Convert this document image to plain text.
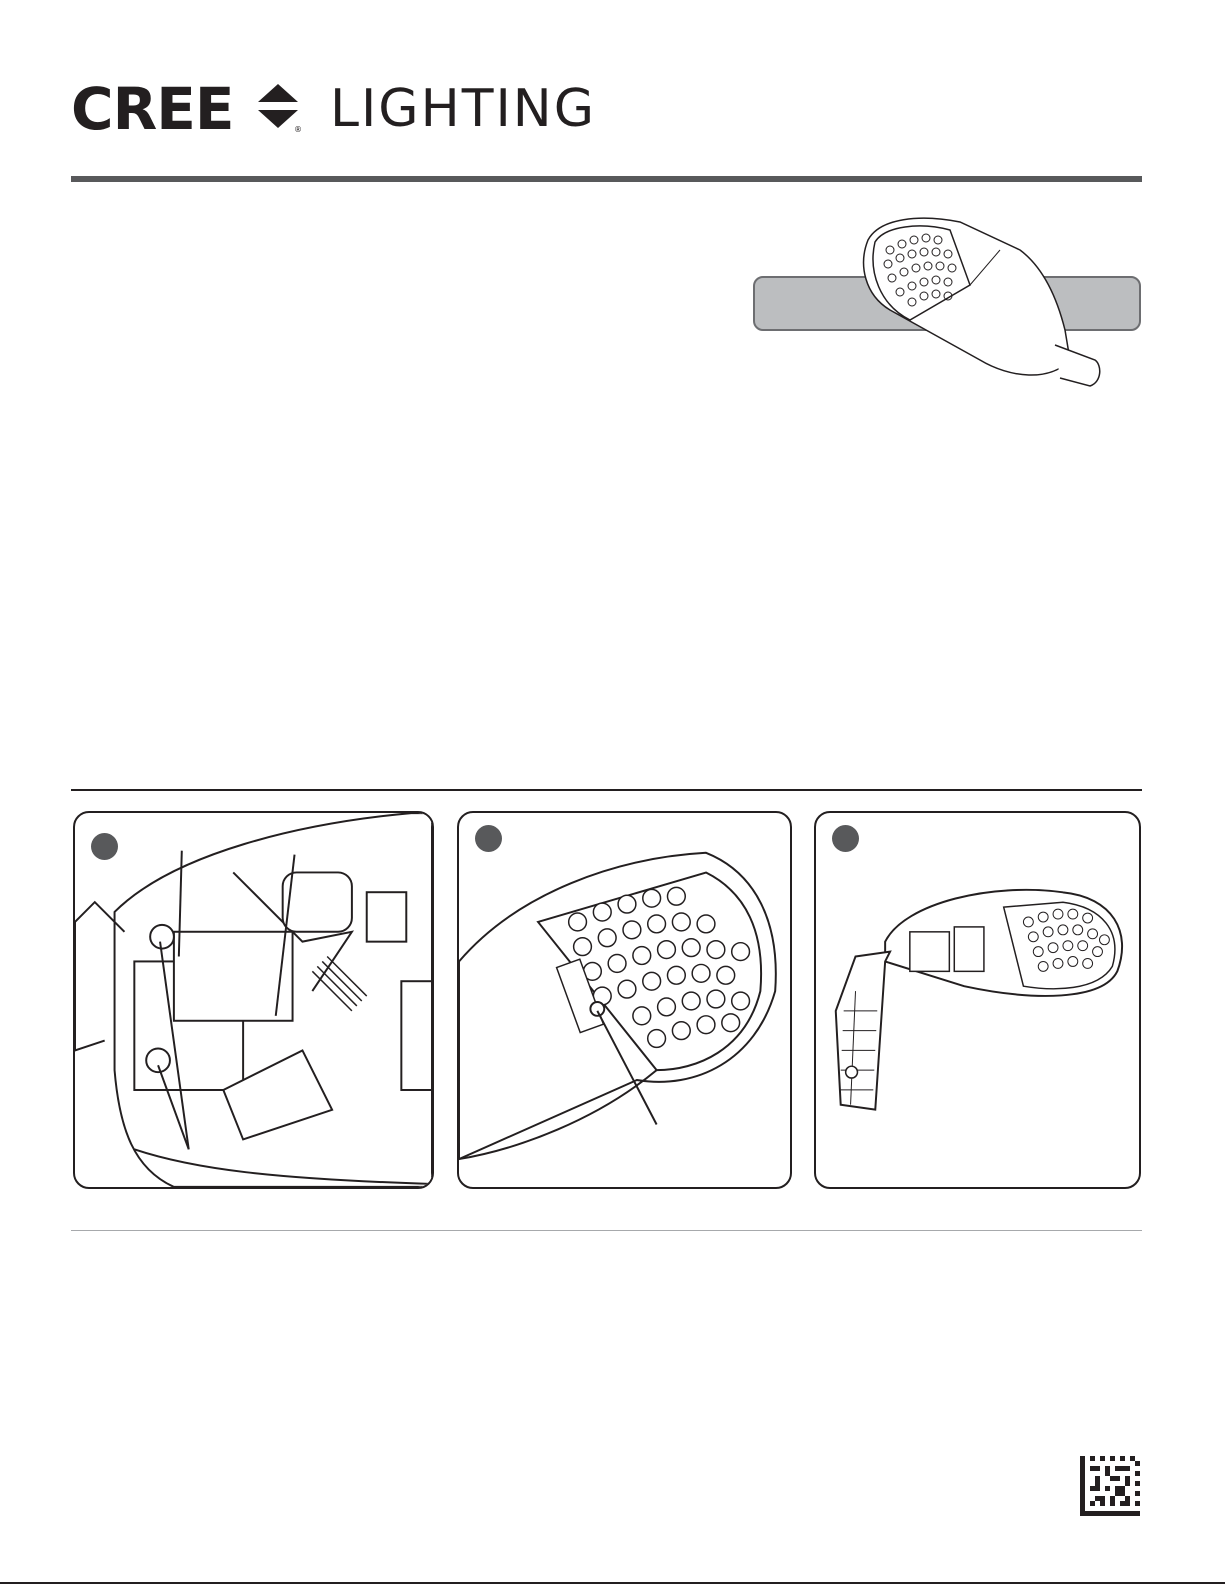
CREE	® LIGHTING
